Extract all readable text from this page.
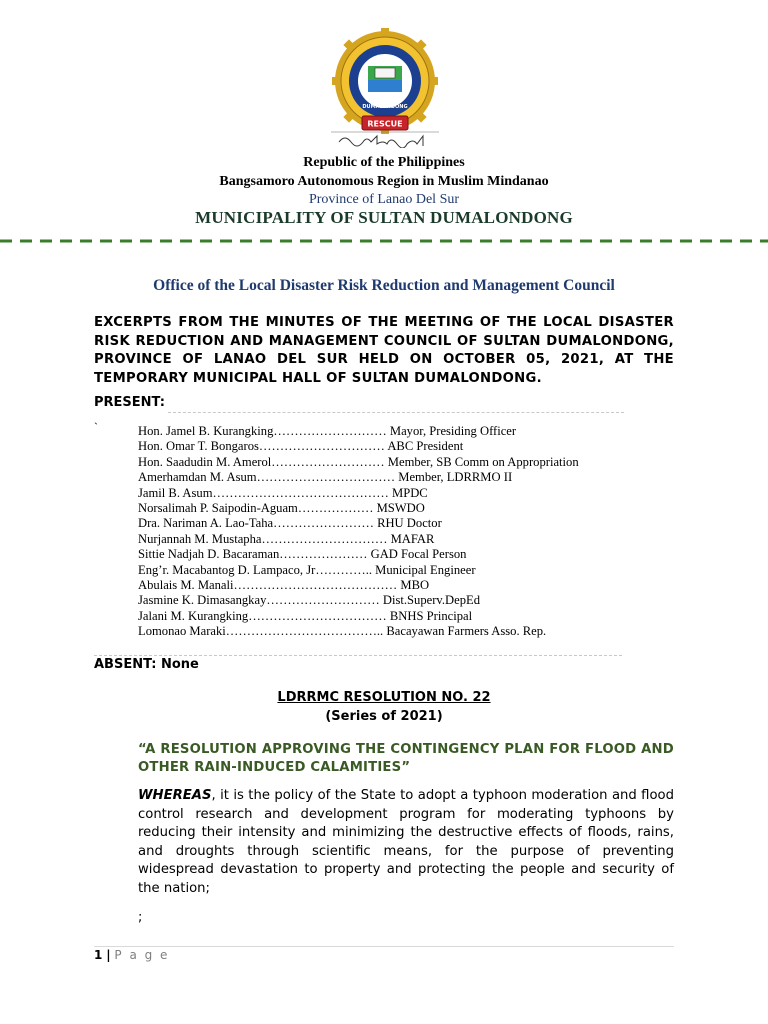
DUMALONDONG
RESCUE
Republic of the Philippines
Bangsamoro Autonomous Region in Muslim Mindanao
Province of Lanao Del Sur
MUNICIPALITY OF SULTAN DUMALONDONG
Office of the Local Disaster Risk Reduction and Management Council
EXCERPTS FROM THE MINUTES OF THE MEETING OF THE LOCAL DISASTER RISK REDUCTION AND MANAGEMENT COUNCIL OF SULTAN DUMALONDONG, PROVINCE OF LANAO DEL SUR HELD ON OCTOBER 05, 2021, AT THE TEMPORARY MUNICIPAL HALL OF SULTAN DUMALONDONG.
PRESENT:
`	Hon. Jamel B. Kurangking……………………… Mayor, Presiding Officer
Hon. Omar T. Bongaros………………………… ABC President
Hon. Saadudin M. Amerol……………………… Member, SB Comm on Appropriation
Amerhamdan M. Asum…………………………… Member, LDRRMO II
Jamil B. Asum…………………………………… MPDC
Norsalimah P. Saipodin-Aguam……………… MSWDO
Dra. Nariman A. Lao-Taha…………………… RHU Doctor
Nurjannah M. Mustapha………………………… MAFAR
Sittie Nadjah D. Bacaraman………………… GAD Focal Person
Eng’r. Macabantog D. Lampaco, Jr………….. Municipal Engineer
Abulais M. Manali………………………………… MBO
Jasmine K. Dimasangkay……………………… Dist.Superv.DepEd
Jalani M. Kurangking…………………………… BNHS Principal
Lomonao Maraki……………………………….. Bacayawan Farmers Asso. Rep.
ABSENT: None
LDRRMC RESOLUTION NO. 22
(Series of 2021)
“A RESOLUTION APPROVING THE CONTINGENCY PLAN FOR FLOOD AND OTHER RAIN-INDUCED CALAMITIES”
WHEREAS, it is the policy of the State to adopt a typhoon moderation and flood control research and development program for moderating typhoons by reducing their intensity and minimizing the destructive effects of floods, rains, and droughts through scientific means, for the purpose of preventing widespread devastation to property and protecting the people and security of the nation;
;
1 | P a g e
